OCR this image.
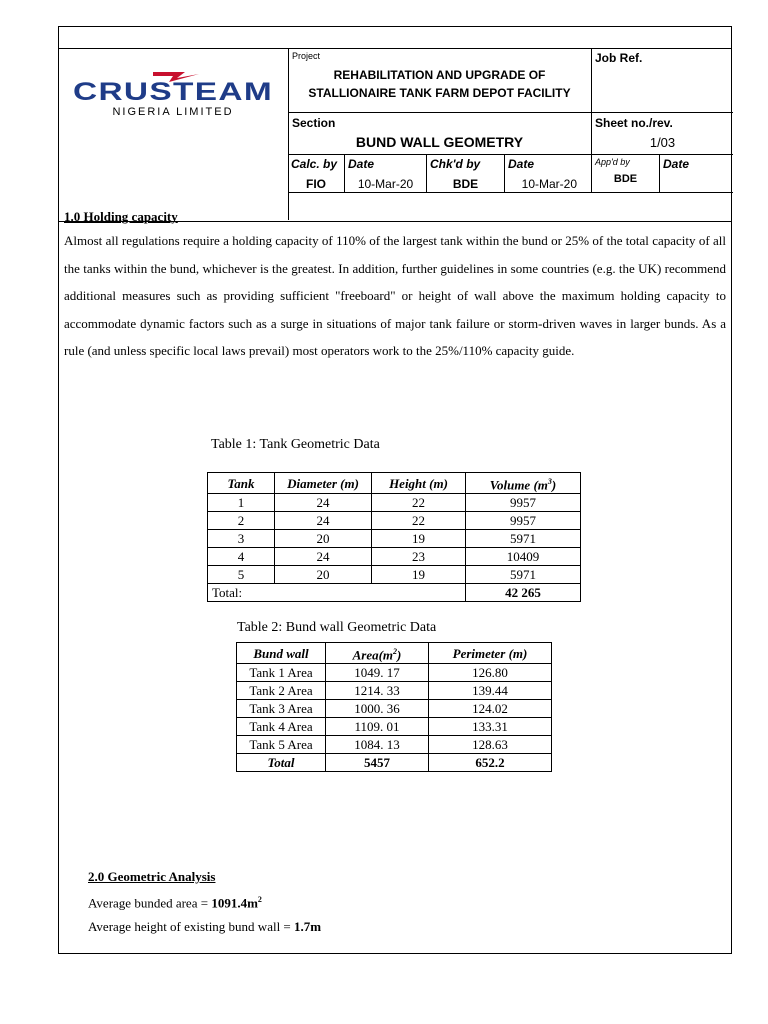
CRUSTEAM
NIGERIA LIMITED
Project
REHABILITATION AND UPGRADE OF
STALLIONAIRE TANK FARM DEPOT FACILITY
Job Ref.
Section
BUND WALL GEOMETRY
Sheet no./rev.
1/03
Calc. by
FIO
Date
10-Mar-20
Chk'd by
BDE
Date
10-Mar-20
App'd by
BDE
Date
1.0 Holding capacity

Almost all regulations require a holding capacity of 110% of the largest tank within the bund or 25% of the total capacity of all the tanks within the bund, whichever is the greatest. In addition, further guidelines in some countries (e.g. the UK) recommend additional measures such as providing sufficient "freeboard" or height of wall above the maximum holding capacity to accommodate dynamic factors such as a surge in situations of major tank failure or storm-driven waves in larger bunds. As a rule (and unless specific local laws prevail) most operators work to the 25%/110% capacity guide.

Table 1: Tank Geometric Data
Tank	Diameter (m)	Height (m)	Volume $(m^3)$
1	24	22	9957
2	24	22	9957
3	20	19	5971
4	24	23	10409
5	20	19	5971
Total:			42 265
Table 2: Bund wall Geometric Data
Bund wall	$Area(m^2)$	Perimeter (m)
Tank 1 Area	1049. 17	126.80
Tank 2 Area	1214. 33	139.44
Tank 3 Area	1000. 36	124.02
Tank 4 Area	1109. 01	133.31
Tank 5 Area	1084. 13	128.63
Total	5457	652.2
2.0 Geometric Analysis
Average bunded area = $1091.4m^2$
Average height of existing bund wall = 1.7m
